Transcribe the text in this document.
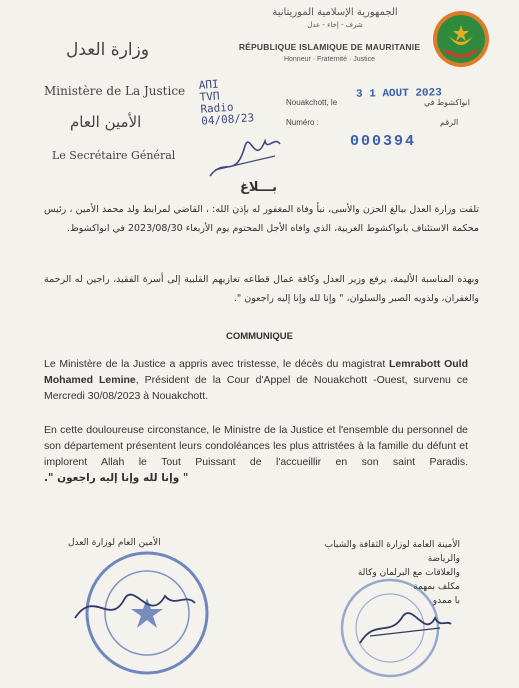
الجمهورية الإسلامية الموريتانية
شرف - إخاء - عدل
RÉPUBLIQUE ISLAMIQUE DE MAURITANIE
Honneur · Fraternité · Justice
وزارة العدل
Ministère de La Justice
الأمين العام
Le Secrétaire Général
AΠΙ
TVΠ
Radio
04/08/23
Nouakchott, le	انواكشوط في
3 1 AOUT 2023
Numéro :	الرقم
000394
بـــلاغ
تلقت وزارة العدل ببالغ الحزن والأسى، نبأ وفاة المغفور له بإذن الله: ، القاضي لمرابط ولد محمد الأمين ، رئيس محكمة الاستئناف بانواكشوط الغربية، الذي وافاه الأجل المحتوم يوم الأربعاء 2023/08/30 في انواكشوط.
وبهذه المناسبة الأليمة، يرفع وزير العدل وكافة عمال قطاعه تعازيهم القلبية إلى أسرة الفقيد، راجين له الرحمة والغفران، ولذويه الصبر والسلوان، " وإنا لله وإنا إليه راجعون ".
COMMUNIQUE
Le Ministère de la Justice a appris avec tristesse, le décès du magistrat Lemrabott Ould Mohamed Lemine, Président de la Cour d'Appel de Nouakchott -Ouest, survenu ce Mercredi 30/08/2023 à Nouakchott.
En cette douloureuse circonstance, le Ministre de la Justice et l'ensemble du personnel de son département présentent leurs condoléances les plus attristées à la famille du défunt et implorent Allah le Tout Puissant de l'accueillir en son saint Paradis. " وإنا لله وإنا إليه راجعون ".
الأمين العام لوزارة العدل	الأمينة العامة لوزارة الثقافة والشباب والرياضة
والعلاقات مع البرلمان وكالة
مكلف بمهمة
با ممدو
